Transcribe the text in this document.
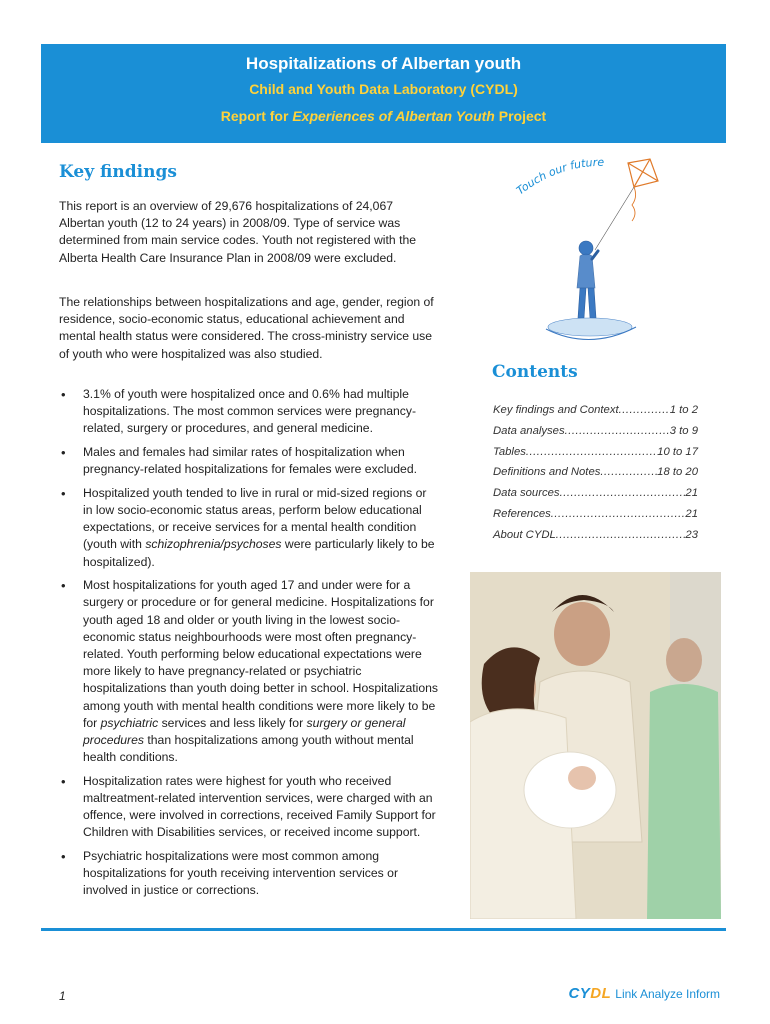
Hospitalizations of Albertan youth
Child and Youth Data Laboratory (CYDL)
Report for Experiences of Albertan Youth Project
Key findings

This report is an overview of 29,676 hospitalizations of 24,067 Albertan youth (12 to 24 years) in 2008/09. Type of service was determined from main service codes. Youth not registered with the Alberta Health Care Insurance Plan in 2008/09 were excluded.

The relationships between hospitalizations and age, gender, region of residence, socio-economic status, educational achievement and mental health status were considered. The cross-ministry service use of youth who were hospitalized was also studied.

• 3.1% of youth were hospitalized once and 0.6% had multiple hospitalizations. The most common services were pregnancy-related, surgery or procedures, and general medicine.
• Males and females had similar rates of hospitalization when pregnancy-related hospitalizations for females were excluded.
• Hospitalized youth tended to live in rural or mid-sized regions or in low socio-economic status areas, perform below educational expectations, or receive services for a mental health condition (youth with schizophrenia/psychoses were particularly likely to be hospitalized).
• Most hospitalizations for youth aged 17 and under were for a surgery or procedure or for general medicine. Hospitalizations for youth aged 18 and older or youth living in the lowest socio-economic status neighbourhoods were most often pregnancy-related. Youth performing below educational expectations were more likely to have pregnancy-related or psychiatric hospitalizations than youth doing better in school. Hospitalizations among youth with mental health conditions were more likely to be for psychiatric services and less likely for surgery or general procedures than hospitalizations among youth without mental health conditions.
• Hospitalization rates were highest for youth who received maltreatment-related intervention services, were charged with an offence, were involved in corrections, received Family Support for Children with Disabilities services, or received income support.
• Psychiatric hospitalizations were most common among hospitalizations for youth receiving intervention services or involved in justice or corrections.
Touch our future
Contents
Key findings and Context .....	1 to 2
Data analyses .....	3 to 9
Tables .....	10 to 17
Definitions and Notes .....	18 to 20
Data sources .....	21
References .....	21
About CYDL .....	23
1	CYDL Link Analyze Inform
